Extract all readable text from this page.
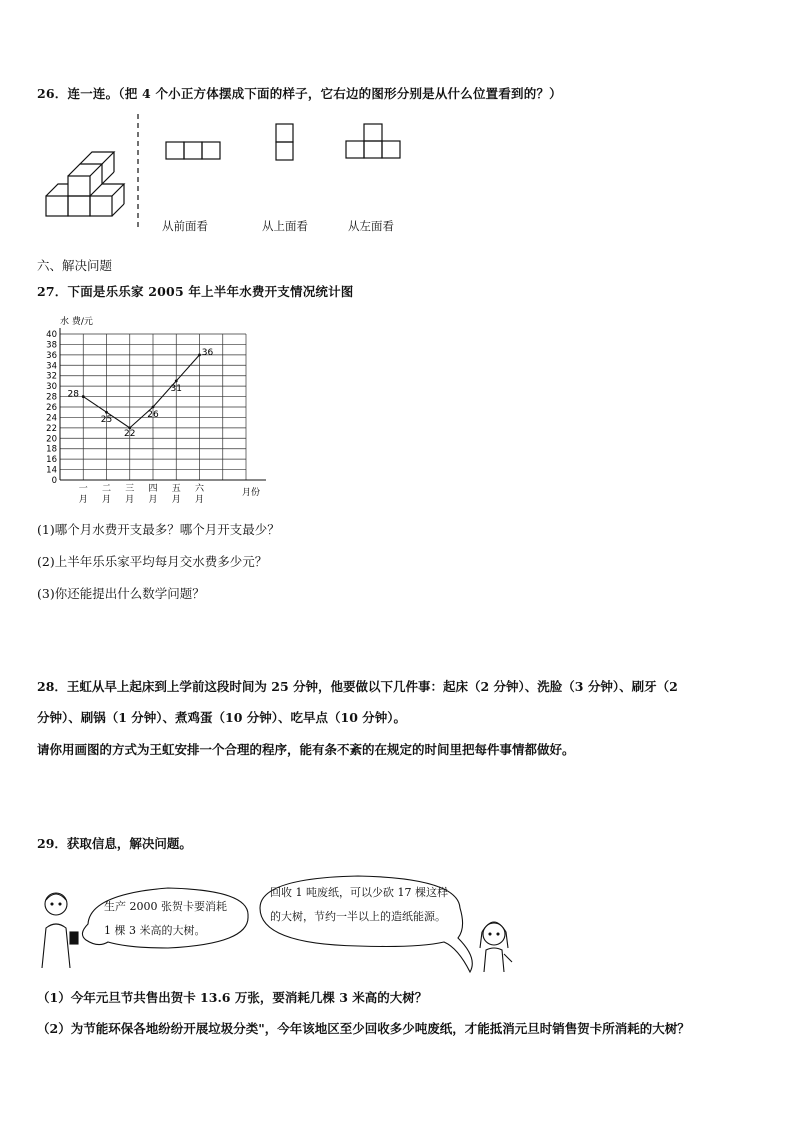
26．连一连。（把 4 个小正方体摆成下面的样子，它右边的图形分别是从什么位置看到的？）
从前面看	从上面看	从左面看
六、解决问题
27．下面是乐乐家 2005 年上半年水费开支情况统计图
水 费/元
月份
0
14
16
18
20
22
24
26
28
30
32
34
36
38
40
一
月
二
月
三
月
四
月
五
月
六
月
28
25
22
26
31
36
(1)哪个月水费开支最多？哪个月开支最少？
(2)上半年乐乐家平均每月交水费多少元？
(3)你还能提出什么数学问题？
28．王虹从早上起床到上学前这段时间为 25 分钟，他要做以下几件事：起床（2 分钟）、洗脸（3 分钟）、刷牙（2
分钟）、刷锅（1 分钟）、煮鸡蛋（10 分钟）、吃早点（10 分钟）。
请你用画图的方式为王虹安排一个合理的程序，能有条不紊的在规定的时间里把每件事情都做好。
29．获取信息，解决问题。
生产 2000 张贺卡要消耗
1 棵 3 米高的大树。
回收 1 吨废纸，可以少砍 17 棵这样
的大树，节约一半以上的造纸能源。
（1）今年元旦节共售出贺卡 13.6 万张，要消耗几棵 3 米高的大树？
（2）为节能环保各地纷纷开展垃圾分类"，今年该地区至少回收多少吨废纸，才能抵消元旦时销售贺卡所消耗的大树？
